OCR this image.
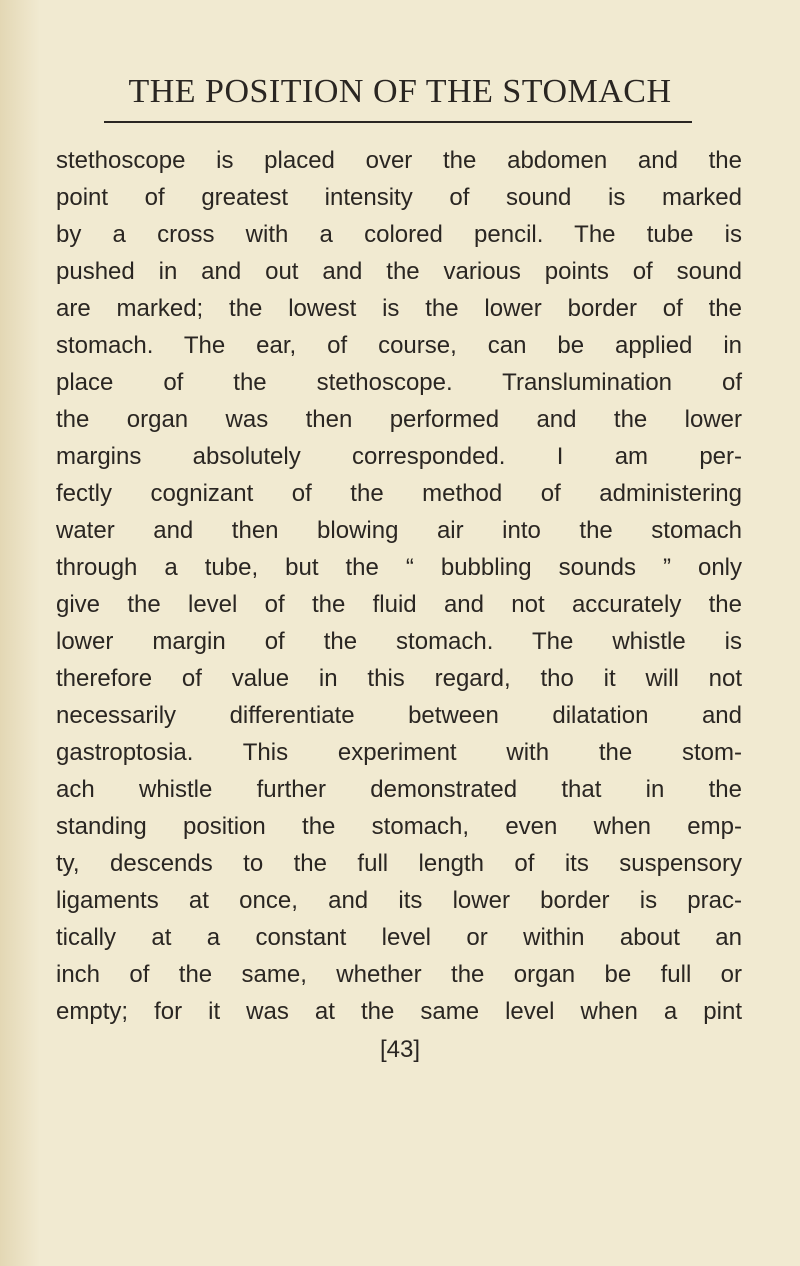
THE POSITION OF THE STOMACH
stethoscope is placed over the abdomen and the
point of greatest intensity of sound is marked
by a cross with a colored pencil. The tube is
pushed in and out and the various points of sound
are marked; the lowest is the lower border of the
stomach. The ear, of course, can be applied in
place of the stethoscope. Translumination of
the organ was then performed and the lower
margins absolutely corresponded. I am per-
fectly cognizant of the method of administering
water and then blowing air into the stomach
through a tube, but the “ bubbling sounds ” only
give the level of the fluid and not accurately the
lower margin of the stomach. The whistle is
therefore of value in this regard, tho it will not
necessarily differentiate between dilatation and
gastroptosia. This experiment with the stom-
ach whistle further demonstrated that in the
standing position the stomach, even when emp-
ty, descends to the full length of its suspensory
ligaments at once, and its lower border is prac-
tically at a constant level or within about an
inch of the same, whether the organ be full or
empty; for it was at the same level when a pint
[43]
